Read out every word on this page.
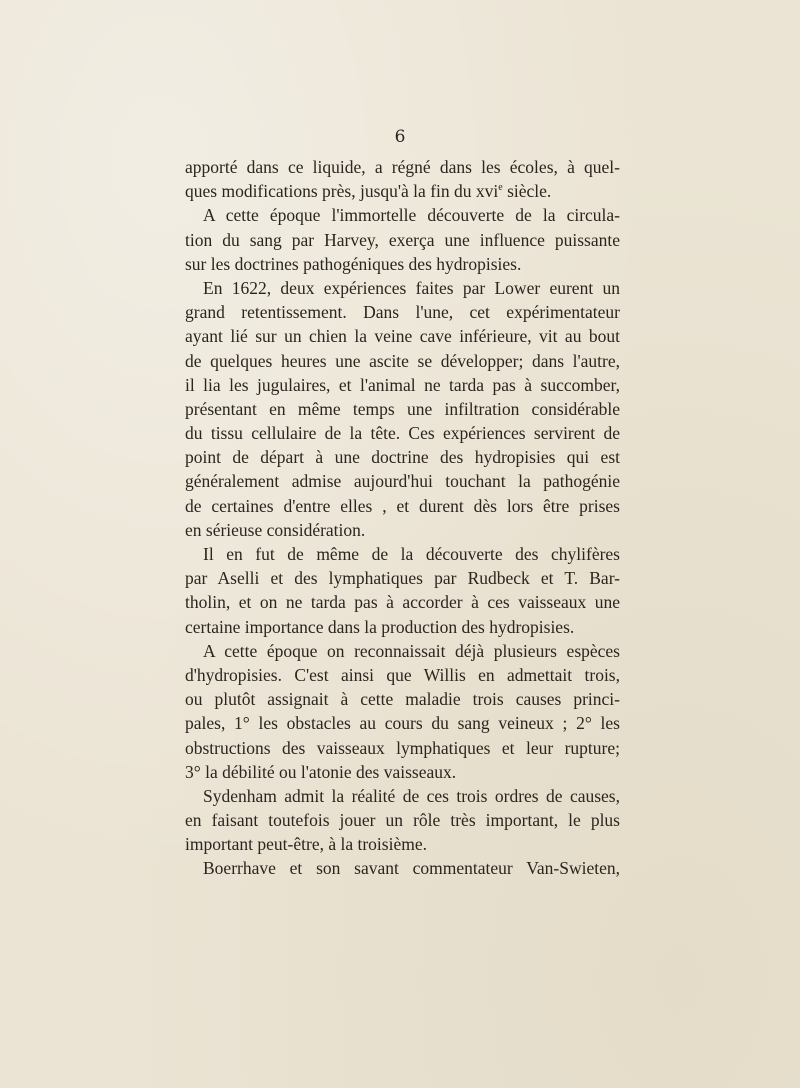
6
apporté dans ce liquide, a régné dans les écoles, à quel-
ques modifications près, jusqu'à la fin du xvi$^e$ siècle.
A cette époque l'immortelle découverte de la circula-
tion du sang par Harvey, exerça une influence puissante
sur les doctrines pathogéniques des hydropisies.
En 1622, deux expériences faites par Lower eurent un
grand retentissement. Dans l'une, cet expérimentateur
ayant lié sur un chien la veine cave inférieure, vit au bout
de quelques heures une ascite se développer; dans l'autre,
il lia les jugulaires, et l'animal ne tarda pas à succomber,
présentant en même temps une infiltration considérable
du tissu cellulaire de la tête. Ces expériences servirent de
point de départ à une doctrine des hydropisies qui est
généralement admise aujourd'hui touchant la pathogénie
de certaines d'entre elles , et durent dès lors être prises
en sérieuse considération.
Il en fut de même de la découverte des chylifères
par Aselli et des lymphatiques par Rudbeck et T. Bar-
tholin, et on ne tarda pas à accorder à ces vaisseaux une
certaine importance dans la production des hydropisies.
A cette époque on reconnaissait déjà plusieurs espèces
d'hydropisies. C'est ainsi que Willis en admettait trois,
ou plutôt assignait à cette maladie trois causes princi-
pales, 1° les obstacles au cours du sang veineux ; 2° les
obstructions des vaisseaux lymphatiques et leur rupture;
3° la débilité ou l'atonie des vaisseaux.
Sydenham admit la réalité de ces trois ordres de causes,
en faisant toutefois jouer un rôle très important, le plus
important peut-être, à la troisième.
Boerrhave et son savant commentateur Van-Swieten,
